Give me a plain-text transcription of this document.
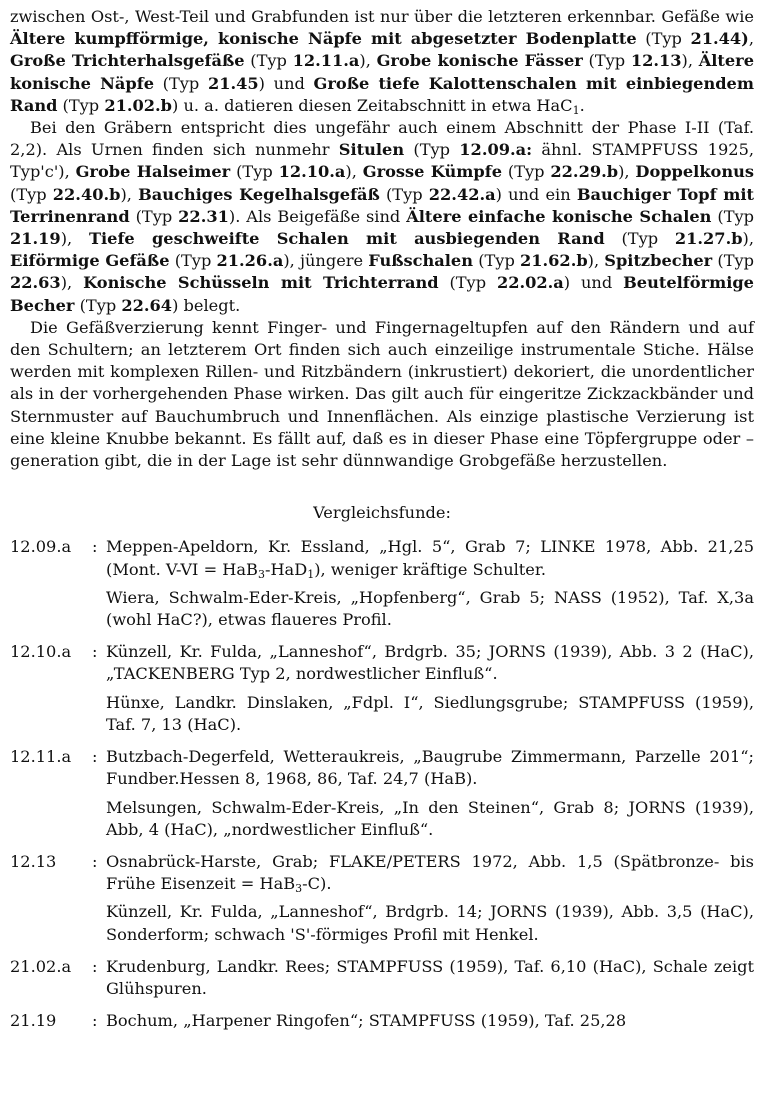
zwischen Ost-, West-Teil und Grabfunden ist nur über die letzteren erkennbar. Gefäße wie Ältere kumpfförmige, konische Näpfe mit abgesetzter Bodenplatte (Typ 21.44), Große Trichterhalsgefäße (Typ 12.11.a), Grobe konische Fässer (Typ 12.13), Ältere konische Näpfe (Typ 21.45) und Große tiefe Kalottenschalen mit einbiegendem Rand (Typ 21.02.b) u. a. datieren diesen Zeitabschnitt in etwa HaC$_1$.

Bei den Gräbern entspricht dies ungefähr auch einem Abschnitt der Phase I-II (Taf. 2,2). Als Urnen finden sich nunmehr Situlen (Typ 12.09.a: ähnl. STAMPFUSS 1925, Typ'c'), Grobe Halseimer (Typ 12.10.a), Grosse Kümpfe (Typ 22.29.b), Doppelkonus (Typ 22.40.b), Bauchiges Kegelhalsgefäß (Typ 22.42.a) und ein Bauchiger Topf mit Terrinenrand (Typ 22.31). Als Beigefäße sind Ältere einfache konische Schalen (Typ 21.19), Tiefe geschweifte Schalen mit ausbiegenden Rand (Typ 21.27.b), Eiförmige Gefäße (Typ 21.26.a), jüngere Fußschalen (Typ 21.62.b), Spitzbecher (Typ 22.63), Konische Schüsseln mit Trichterrand (Typ 22.02.a) und Beutelförmige Becher (Typ 22.64) belegt.

Die Gefäßverzierung kennt Finger- und Fingernageltupfen auf den Rändern und auf den Schultern; an letzterem Ort finden sich auch einzeilige instrumentale Stiche. Hälse werden mit komplexen Rillen- und Ritzbändern (inkrustiert) dekoriert, die unordentlicher als in der vorhergehenden Phase wirken. Das gilt auch für eingeritze Zickzackbänder und Sternmuster auf Bauchumbruch und Innenflächen. Als einzige plastische Verzierung ist eine kleine Knubbe bekannt. Es fällt auf, daß es in dieser Phase eine Töpfergruppe oder –generation gibt, die in der Lage ist sehr dünnwandige Grobgefäße herzustellen.

Vergleichsfunde:
12.09.a	: Meppen-Apeldorn, Kr. Essland, „Hgl. 5“, Grab 7; LINKE 1978, Abb. 21,25 (Mont. V-VI = HaB$_3$-HaD$_1$), weniger kräftige Schulter.

Wiera, Schwalm-Eder-Kreis, „Hopfenberg“, Grab 5; NASS (1952), Taf. X,3a (wohl HaC?), etwas flaueres Profil.

12.10.a	: Künzell, Kr. Fulda, „Lanneshof“, Brdgrb. 35; JORNS (1939), Abb. 3 2 (HaC), „TACKENBERG Typ 2, nordwestlicher Einfluß“.

Hünxe, Landkr. Dinslaken, „Fdpl. I“, Siedlungsgrube; STAMPFUSS (1959), Taf. 7, 13 (HaC).

12.11.a	: Butzbach-Degerfeld, Wetteraukreis, „Baugrube Zimmermann, Parzelle 201“; Fundber.Hessen 8, 1968, 86, Taf. 24,7 (HaB).

Melsungen, Schwalm-Eder-Kreis, „In den Steinen“, Grab 8; JORNS (1939), Abb, 4 (HaC), „nordwestlicher Einfluß“.

12.13	: Osnabrück-Harste, Grab; FLAKE/PETERS 1972, Abb. 1,5 (Spätbronze- bis Frühe Eisenzeit = HaB$_3$-C).

Künzell, Kr. Fulda, „Lanneshof“, Brdgrb. 14; JORNS (1939), Abb. 3,5 (HaC), Sonderform; schwach 'S'-förmiges Profil mit Henkel.

21.02.a	: Krudenburg, Landkr. Rees; STAMPFUSS (1959), Taf. 6,10 (HaC), Schale zeigt Glühspuren.

21.19	: Bochum, „Harpener Ringofen“; STAMPFUSS (1959), Taf. 25,28
